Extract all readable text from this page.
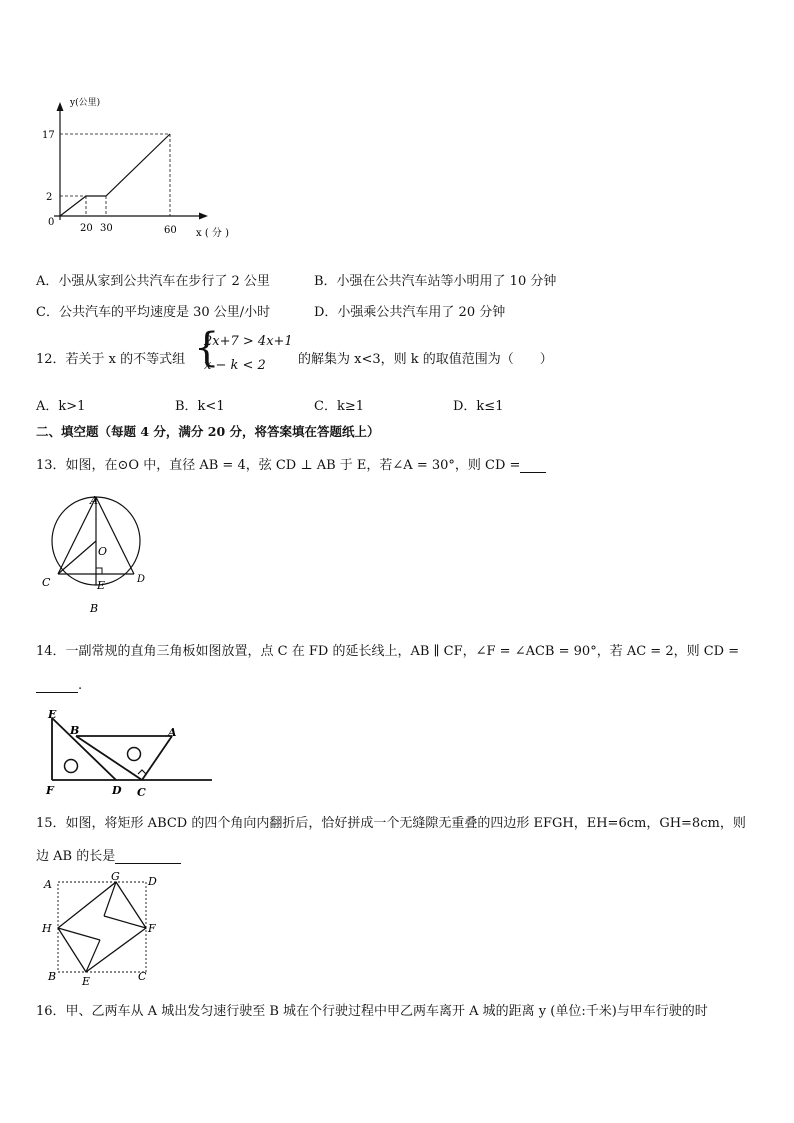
y(公里)
17
2
0
20 30	60 x ( 分 )
A．小强从家到公共汽车在步行了 2 公里	B．小强在公共汽车站等小明用了 10 分钟
C．公共汽车的平均速度是 30 公里/小时	D．小强乘公共汽车用了 20 分钟
12．若关于 x 的不等式组 {
2x+7 > 4x+1
x − k < 2 的解集为 x<3，则 k 的取值范围为（　　）
A．k>1	B．k<1	C．k≥1	D．k≤1
二、填空题（每题 4 分，满分 20 分，将答案填在答题纸上）
13．如图，在⊙O 中，直径 AB = 4，弦 CD ⊥ AB 于 E，若∠A = 30°，则 CD =
A
O
C	D
E
B
14．一副常规的直角三角板如图放置，点 C 在 FD 的延长线上，AB ∥ CF，∠F = ∠ACB = 90°，若 AC = 2，则 CD =
.
E
B	A
F	D C
15．如图，将矩形 ABCD 的四个角向内翻折后，恰好拼成一个无缝隙无重叠的四边形 EFGH，EH=6cm，GH=8cm，则
边 AB 的长是
A
G	D
H	F
B E	C
16．甲、乙两车从 A 城出发匀速行驶至 B 城在个行驶过程中甲乙两车离开 A 城的距离 y (单位:千米)与甲车行驶的时
